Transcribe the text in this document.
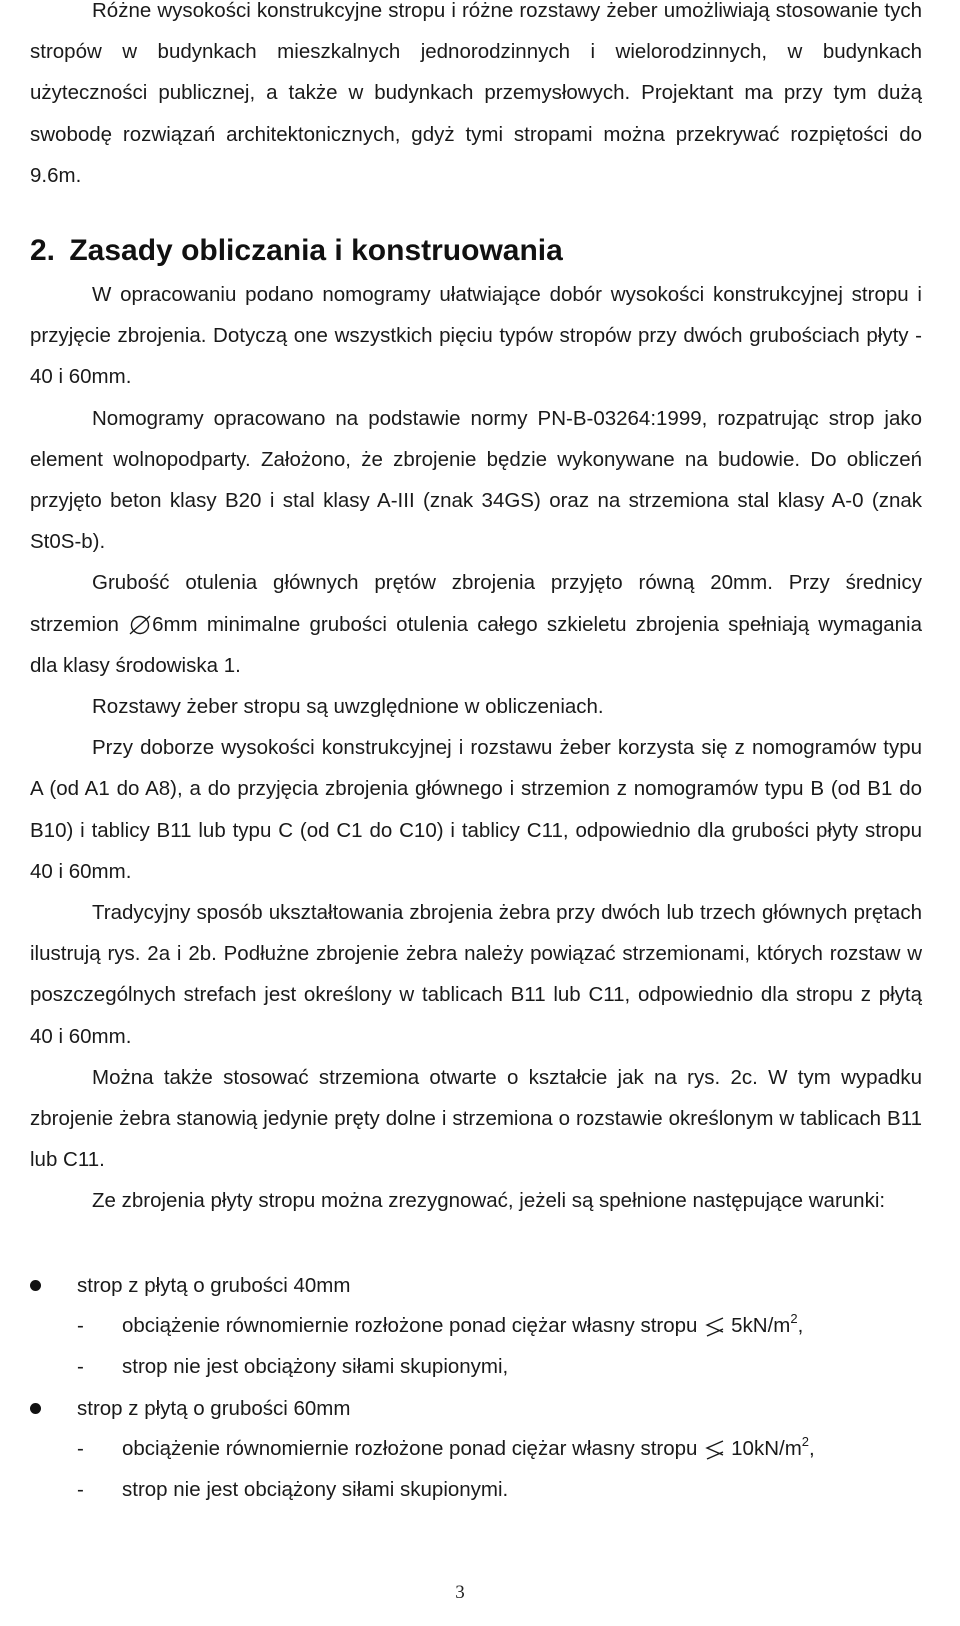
Różne wysokości konstrukcyjne stropu i różne rozstawy żeber umożliwiają stosowanie tych stropów w budynkach mieszkalnych jednorodzinnych i wielorodzinnych, w budynkach użyteczności publicznej, a także w budynkach przemysłowych. Projektant ma przy tym dużą swobodę rozwiązań architektonicznych, gdyż tymi stropami można przekrywać rozpiętości do 9.6m.

2. Zasady obliczania i konstruowania

W opracowaniu podano nomogramy ułatwiające dobór wysokości konstrukcyjnej stropu i przyjęcie zbrojenia. Dotyczą one wszystkich pięciu typów stropów przy dwóch grubościach płyty - 40 i 60mm.

Nomogramy opracowano na podstawie normy PN-B-03264:1999, rozpatrując strop jako element wolnopodparty. Założono, że zbrojenie będzie wykonywane na budowie. Do obliczeń przyjęto beton klasy B20 i stal klasy A-III (znak 34GS) oraz na strzemiona stal klasy A-0 (znak St0S-b).

Grubość otulenia głównych prętów zbrojenia przyjęto równą 20mm. Przy średnicy strzemion 6mm minimalne grubości otulenia całego szkieletu zbrojenia spełniają wymagania dla klasy środowiska 1.

Rozstawy żeber stropu są uwzględnione w obliczeniach.

Przy doborze wysokości konstrukcyjnej i rozstawu żeber korzysta się z nomogramów typu A (od A1 do A8), a do przyjęcia zbrojenia głównego i strzemion z nomogramów typu B (od B1 do B10) i tablicy B11 lub typu C (od C1 do C10) i tablicy C11, odpowiednio dla grubości płyty stropu 40 i 60mm.

Tradycyjny sposób ukształtowania zbrojenia żebra przy dwóch lub trzech głównych prętach ilustrują rys. 2a i 2b. Podłużne zbrojenie żebra należy powiązać strzemionami, których rozstaw w poszczególnych strefach jest określony w tablicach B11 lub C11, odpowiednio dla stropu z płytą 40 i 60mm.

Można także stosować strzemiona otwarte o kształcie jak na rys. 2c. W tym wypadku zbrojenie żebra stanowią jedynie pręty dolne i strzemiona o rozstawie określonym w tablicach B11 lub C11.

Ze zbrojenia płyty stropu można zrezygnować, jeżeli są spełnione następujące warunki:

strop z płytą o grubości 40mm
- obciążenie równomiernie rozłożone ponad ciężar własny stropu $5kN/m^2$,
- strop nie jest obciążony siłami skupionymi,
strop z płytą o grubości 60mm
- obciążenie równomiernie rozłożone ponad ciężar własny stropu $10kN/m^2$,
- strop nie jest obciążony siłami skupionymi.
3
